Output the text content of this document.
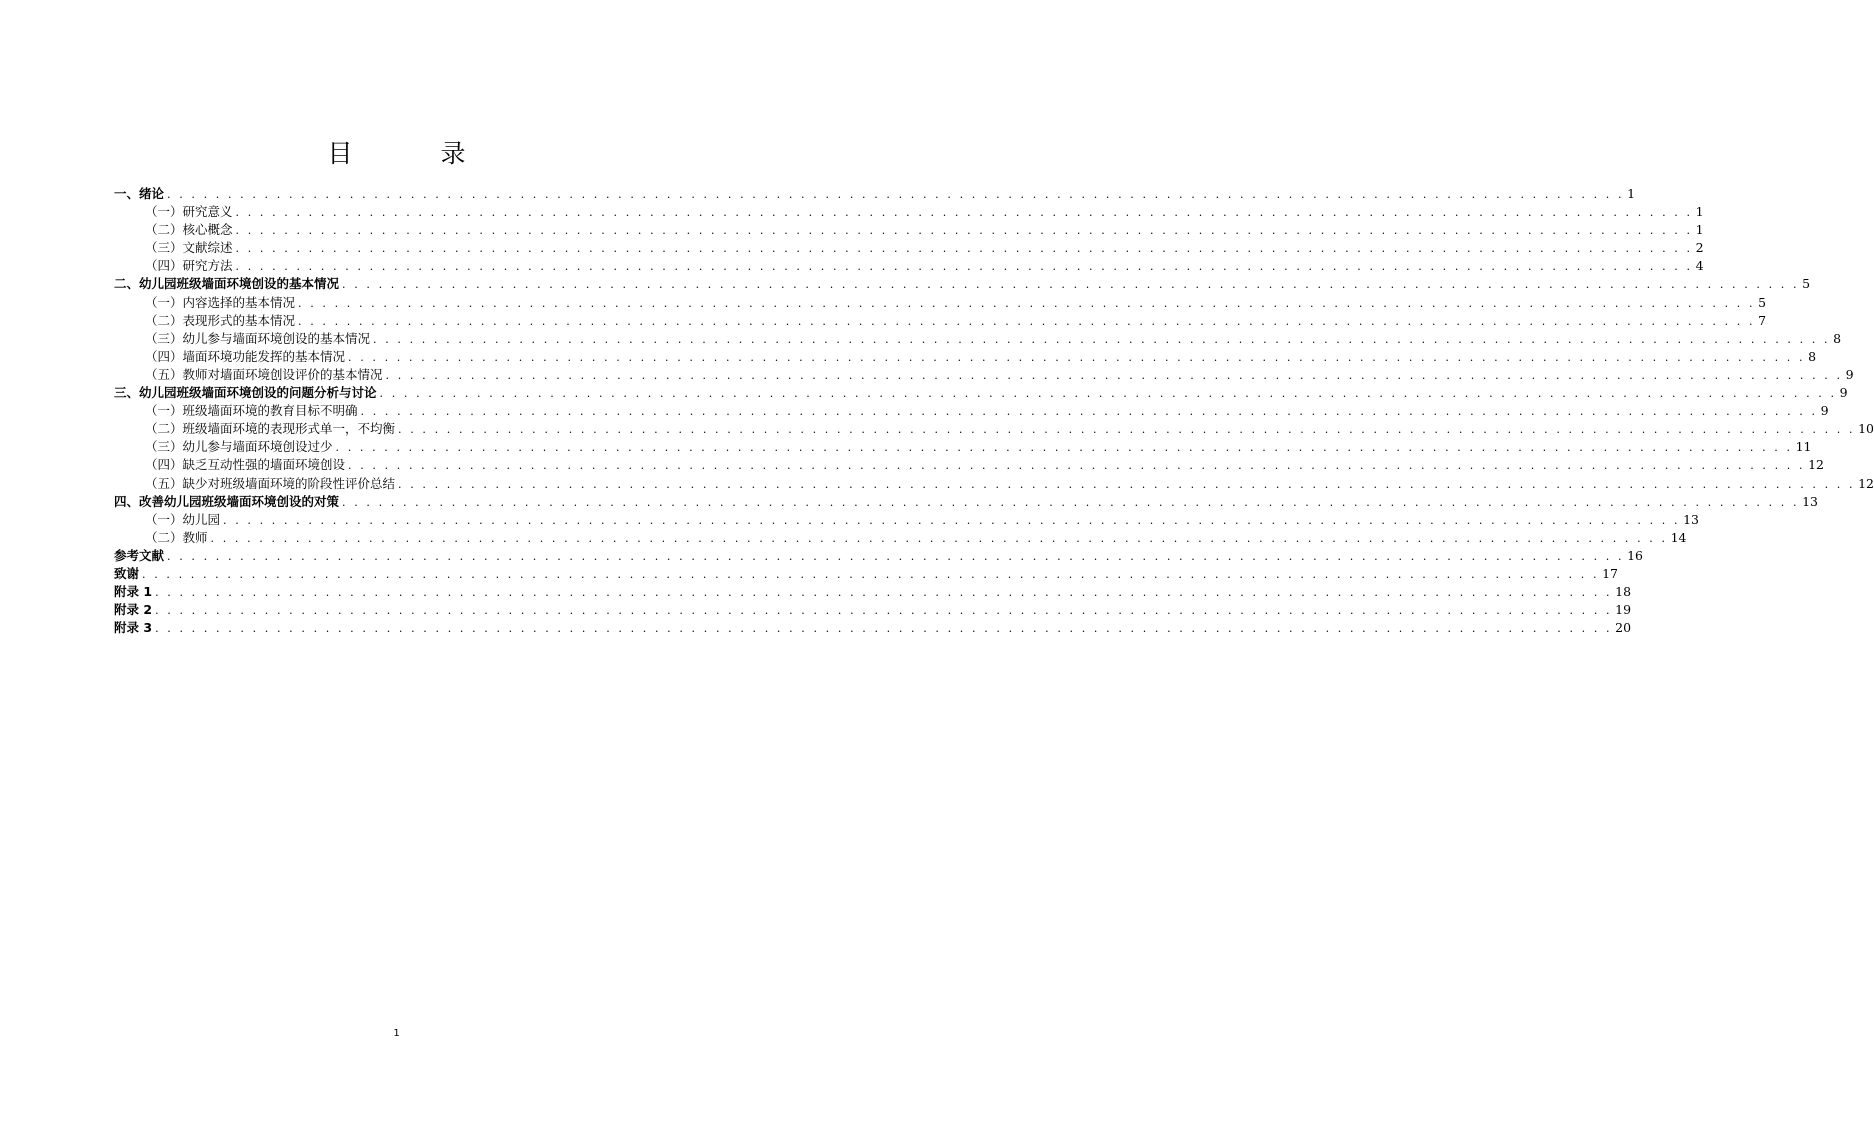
目 录
一、绪论 . . . . . . . . . . . . . . . . . . . . . . . . . . . . . . . . . . . . . . . . . . . . . . . . . . . . . . . . . . . . . . . . . . . . . . . . . . . . . . . . . . . . . . . . . . . . . . . . . . . . . . . . . . . . . . . . . . . . . . . . 1
（一）研究意义 . . . . . . . . . . . . . . . . . . . . . . . . . . . . . . . . . . . . . . . . . . . . . . . . . . . . . . . . . . . . . . . . . . . . . . . . . . . . . . . . . . . . . . . . . . . . . . . . . . . . . . . . . . . . . . . . . . . . . . . . 1
（二）核心概念 . . . . . . . . . . . . . . . . . . . . . . . . . . . . . . . . . . . . . . . . . . . . . . . . . . . . . . . . . . . . . . . . . . . . . . . . . . . . . . . . . . . . . . . . . . . . . . . . . . . . . . . . . . . . . . . . . . . . . . . . 1
（三）文献综述 . . . . . . . . . . . . . . . . . . . . . . . . . . . . . . . . . . . . . . . . . . . . . . . . . . . . . . . . . . . . . . . . . . . . . . . . . . . . . . . . . . . . . . . . . . . . . . . . . . . . . . . . . . . . . . . . . . . . . . . . 2
（四）研究方法 . . . . . . . . . . . . . . . . . . . . . . . . . . . . . . . . . . . . . . . . . . . . . . . . . . . . . . . . . . . . . . . . . . . . . . . . . . . . . . . . . . . . . . . . . . . . . . . . . . . . . . . . . . . . . . . . . . . . . . . . 4
二、幼儿园班级墙面环境创设的基本情况 . . . . . . . . . . . . . . . . . . . . . . . . . . . . . . . . . . . . . . . . . . . . . . . . . . . . . . . . . . . . . . . . . . . . . . . . . . . . . . . . . . . . . . . . . . . . . . . . . . . . . . . . . . . . . . . . . . . . . . . . 5
（一）内容选择的基本情况 . . . . . . . . . . . . . . . . . . . . . . . . . . . . . . . . . . . . . . . . . . . . . . . . . . . . . . . . . . . . . . . . . . . . . . . . . . . . . . . . . . . . . . . . . . . . . . . . . . . . . . . . . . . . . . . . . . . . . . . . 5
（二）表现形式的基本情况 . . . . . . . . . . . . . . . . . . . . . . . . . . . . . . . . . . . . . . . . . . . . . . . . . . . . . . . . . . . . . . . . . . . . . . . . . . . . . . . . . . . . . . . . . . . . . . . . . . . . . . . . . . . . . . . . . . . . . . . . 7
（三）幼儿参与墙面环境创设的基本情况 . . . . . . . . . . . . . . . . . . . . . . . . . . . . . . . . . . . . . . . . . . . . . . . . . . . . . . . . . . . . . . . . . . . . . . . . . . . . . . . . . . . . . . . . . . . . . . . . . . . . . . . . . . . . . . . . . . . . . . . . 8
（四）墙面环境功能发挥的基本情况 . . . . . . . . . . . . . . . . . . . . . . . . . . . . . . . . . . . . . . . . . . . . . . . . . . . . . . . . . . . . . . . . . . . . . . . . . . . . . . . . . . . . . . . . . . . . . . . . . . . . . . . . . . . . . . . . . . . . . . . . 8
（五）教师对墙面环境创设评价的基本情况 . . . . . . . . . . . . . . . . . . . . . . . . . . . . . . . . . . . . . . . . . . . . . . . . . . . . . . . . . . . . . . . . . . . . . . . . . . . . . . . . . . . . . . . . . . . . . . . . . . . . . . . . . . . . . . . . . . . . . . . . 9
三、幼儿园班级墙面环境创设的问题分析与讨论 . . . . . . . . . . . . . . . . . . . . . . . . . . . . . . . . . . . . . . . . . . . . . . . . . . . . . . . . . . . . . . . . . . . . . . . . . . . . . . . . . . . . . . . . . . . . . . . . . . . . . . . . . . . . . . . . . . . . . . . . 9
（一）班级墙面环境的教育目标不明确 . . . . . . . . . . . . . . . . . . . . . . . . . . . . . . . . . . . . . . . . . . . . . . . . . . . . . . . . . . . . . . . . . . . . . . . . . . . . . . . . . . . . . . . . . . . . . . . . . . . . . . . . . . . . . . . . . . . . . . . . 9
（二）班级墙面环境的表现形式单一，不均衡 . . . . . . . . . . . . . . . . . . . . . . . . . . . . . . . . . . . . . . . . . . . . . . . . . . . . . . . . . . . . . . . . . . . . . . . . . . . . . . . . . . . . . . . . . . . . . . . . . . . . . . . . . . . . . . . . . . . . . . . . 10
（三）幼儿参与墙面环境创设过少 . . . . . . . . . . . . . . . . . . . . . . . . . . . . . . . . . . . . . . . . . . . . . . . . . . . . . . . . . . . . . . . . . . . . . . . . . . . . . . . . . . . . . . . . . . . . . . . . . . . . . . . . . . . . . . . . . . . . . . . . 11
（四）缺乏互动性强的墙面环境创设 . . . . . . . . . . . . . . . . . . . . . . . . . . . . . . . . . . . . . . . . . . . . . . . . . . . . . . . . . . . . . . . . . . . . . . . . . . . . . . . . . . . . . . . . . . . . . . . . . . . . . . . . . . . . . . . . . . . . . . . . 12
（五）缺少对班级墙面环境的阶段性评价总结 . . . . . . . . . . . . . . . . . . . . . . . . . . . . . . . . . . . . . . . . . . . . . . . . . . . . . . . . . . . . . . . . . . . . . . . . . . . . . . . . . . . . . . . . . . . . . . . . . . . . . . . . . . . . . . . . . . . . . . . . 12
四、改善幼儿园班级墙面环境创设的对策 . . . . . . . . . . . . . . . . . . . . . . . . . . . . . . . . . . . . . . . . . . . . . . . . . . . . . . . . . . . . . . . . . . . . . . . . . . . . . . . . . . . . . . . . . . . . . . . . . . . . . . . . . . . . . . . . . . . . . . . . 13
（一）幼儿园 . . . . . . . . . . . . . . . . . . . . . . . . . . . . . . . . . . . . . . . . . . . . . . . . . . . . . . . . . . . . . . . . . . . . . . . . . . . . . . . . . . . . . . . . . . . . . . . . . . . . . . . . . . . . . . . . . . . . . . . . 13
（二）教师 . . . . . . . . . . . . . . . . . . . . . . . . . . . . . . . . . . . . . . . . . . . . . . . . . . . . . . . . . . . . . . . . . . . . . . . . . . . . . . . . . . . . . . . . . . . . . . . . . . . . . . . . . . . . . . . . . . . . . . . . 14
参考文献 . . . . . . . . . . . . . . . . . . . . . . . . . . . . . . . . . . . . . . . . . . . . . . . . . . . . . . . . . . . . . . . . . . . . . . . . . . . . . . . . . . . . . . . . . . . . . . . . . . . . . . . . . . . . . . . . . . . . . . . . 16
致谢 . . . . . . . . . . . . . . . . . . . . . . . . . . . . . . . . . . . . . . . . . . . . . . . . . . . . . . . . . . . . . . . . . . . . . . . . . . . . . . . . . . . . . . . . . . . . . . . . . . . . . . . . . . . . . . . . . . . . . . . . 17
附录 1 . . . . . . . . . . . . . . . . . . . . . . . . . . . . . . . . . . . . . . . . . . . . . . . . . . . . . . . . . . . . . . . . . . . . . . . . . . . . . . . . . . . . . . . . . . . . . . . . . . . . . . . . . . . . . . . . . . . . . . . . 18
附录 2 . . . . . . . . . . . . . . . . . . . . . . . . . . . . . . . . . . . . . . . . . . . . . . . . . . . . . . . . . . . . . . . . . . . . . . . . . . . . . . . . . . . . . . . . . . . . . . . . . . . . . . . . . . . . . . . . . . . . . . . . 19
附录 3 . . . . . . . . . . . . . . . . . . . . . . . . . . . . . . . . . . . . . . . . . . . . . . . . . . . . . . . . . . . . . . . . . . . . . . . . . . . . . . . . . . . . . . . . . . . . . . . . . . . . . . . . . . . . . . . . . . . . . . . . 20
1
